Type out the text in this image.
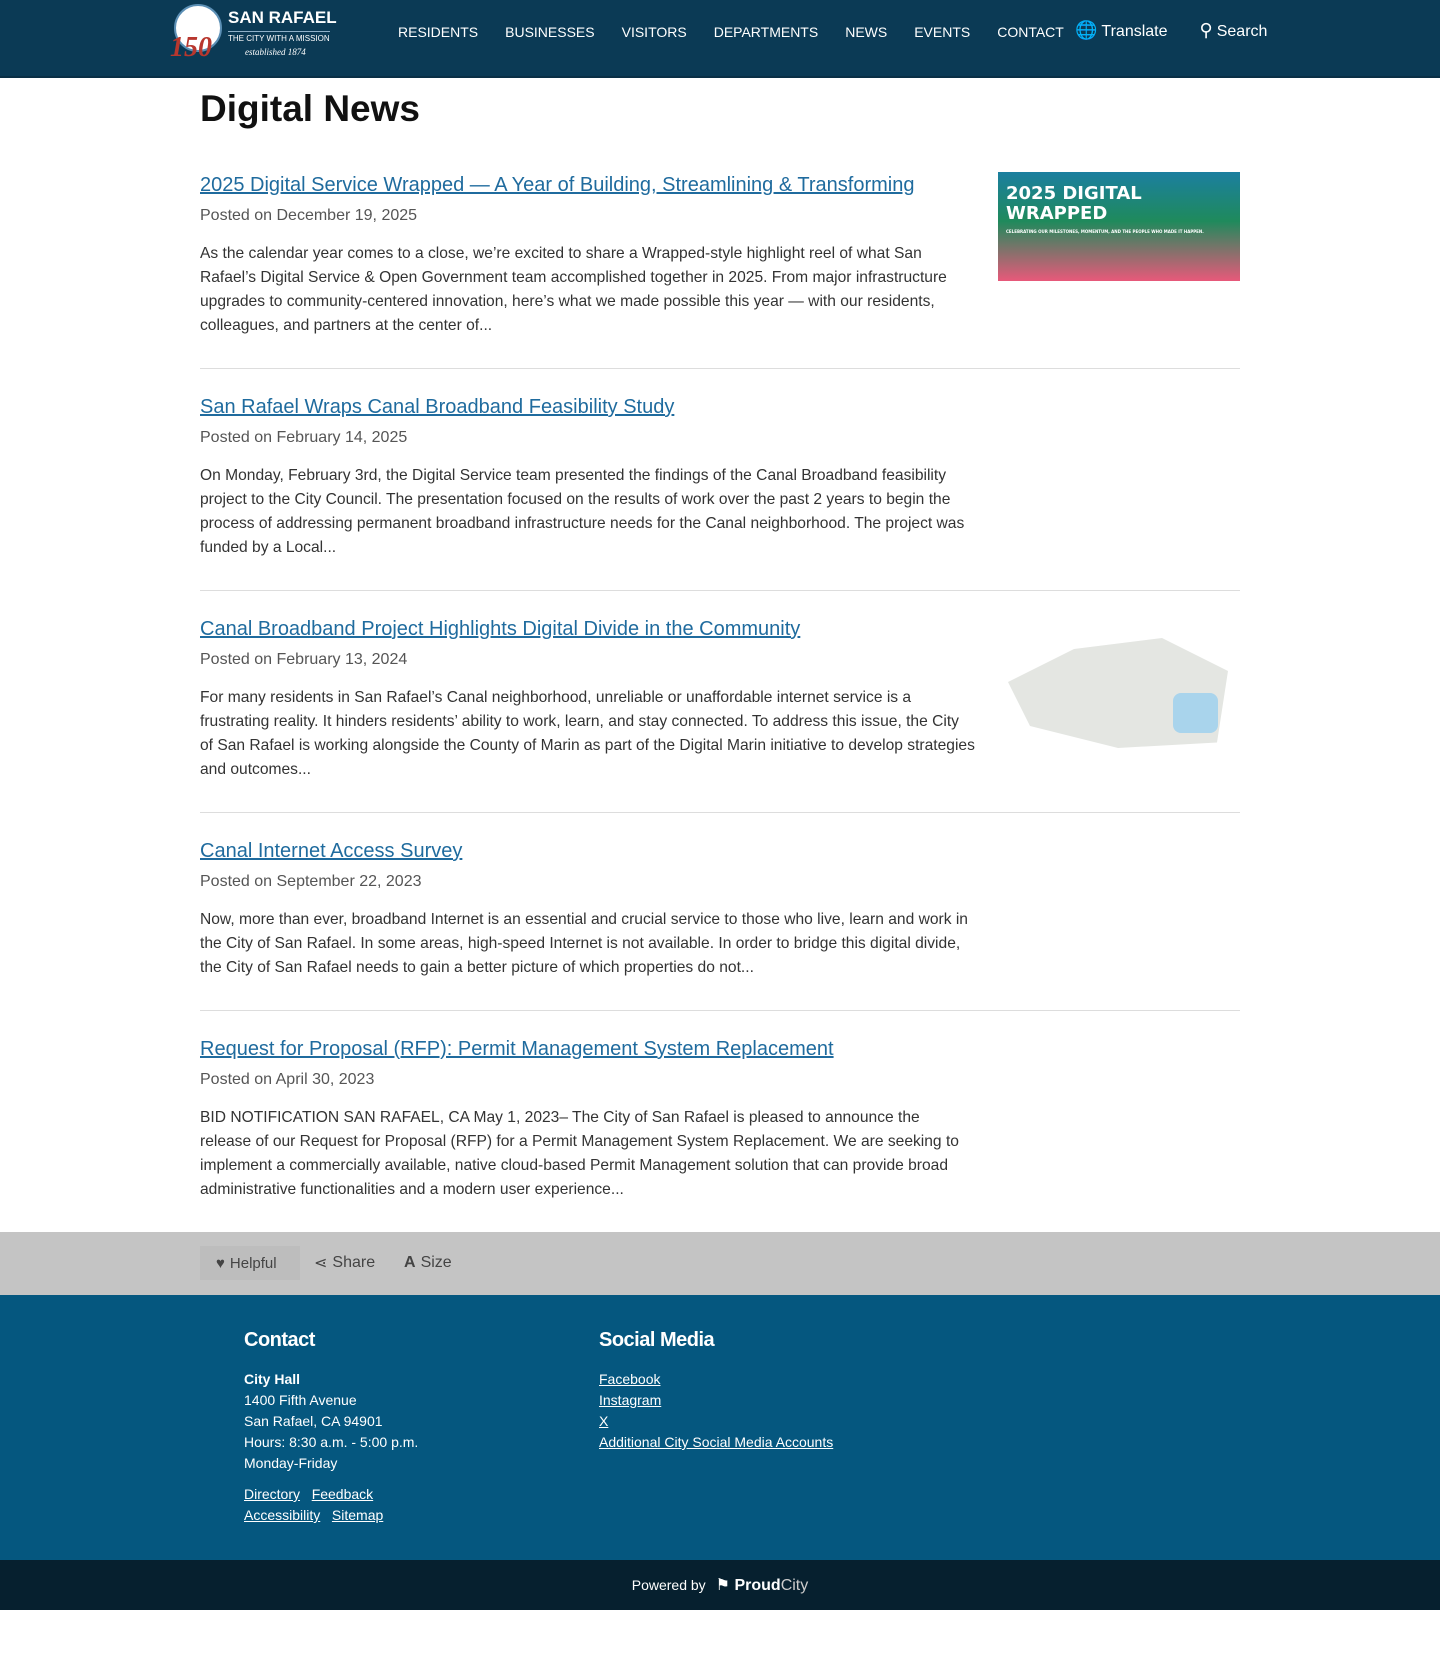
150
SAN RAFAEL
THE CITY WITH A MISSION
established 1874
RESIDENTS BUSINESSES VISITORS DEPARTMENTS NEWS EVENTS CONTACT 🌐 Translate ⚲ Search
Digital News
2025 Digital Service Wrapped — A Year of Building, Streamlining & Transforming
Posted on December 19, 2025

As the calendar year comes to a close, we’re excited to share a Wrapped-style highlight reel of what San Rafael’s Digital Service & Open Government team accomplished together in 2025. From major infrastructure upgrades to community-centered innovation, here’s what we made possible this year — with our residents, colleagues, and partners at the center of...

2025 DIGITAL WRAPPED
CELEBRATING OUR MILESTONES, MOMENTUM, AND THE PEOPLE WHO MADE IT HAPPEN.
San Rafael Wraps Canal Broadband Feasibility Study
Posted on February 14, 2025

On Monday, February 3rd, the Digital Service team presented the findings of the Canal Broadband feasibility project to the City Council. The presentation focused on the results of work over the past 2 years to begin the process of addressing permanent broadband infrastructure needs for the Canal neighborhood. The project was funded by a Local...

Canal Broadband Project Highlights Digital Divide in the Community
Posted on February 13, 2024

For many residents in San Rafael’s Canal neighborhood, unreliable or unaffordable internet service is a frustrating reality. It hinders residents’ ability to work, learn, and stay connected. To address this issue, the City of San Rafael is working alongside the County of Marin as part of the Digital Marin initiative to develop strategies and outcomes...

Canal Internet Access Survey
Posted on September 22, 2023

Now, more than ever, broadband Internet is an essential and crucial service to those who live, learn and work in the City of San Rafael. In some areas, high-speed Internet is not available. In order to bridge this digital divide, the City of San Rafael needs to gain a better picture of which properties do not...

Request for Proposal (RFP): Permit Management System Replacement
Posted on April 30, 2023

BID NOTIFICATION SAN RAFAEL, CA May 1, 2023– The City of San Rafael is pleased to announce the release of our Request for Proposal (RFP) for a Permit Management System Replacement. We are seeking to implement a commercially available, native cloud-based Permit Management solution that can provide broad administrative functionalities and a modern user experience...

♥ Helpful ⋖ Share A Size
Contact
City Hall
1400 Fifth Avenue
San Rafael, CA 94901
Hours: 8:30 a.m. - 5:00 p.m.
Monday-Friday
Directory Feedback
Accessibility Sitemap
Social Media
Facebook
Instagram
X
Additional City Social Media Accounts
Powered by ⚑ ProudCity
